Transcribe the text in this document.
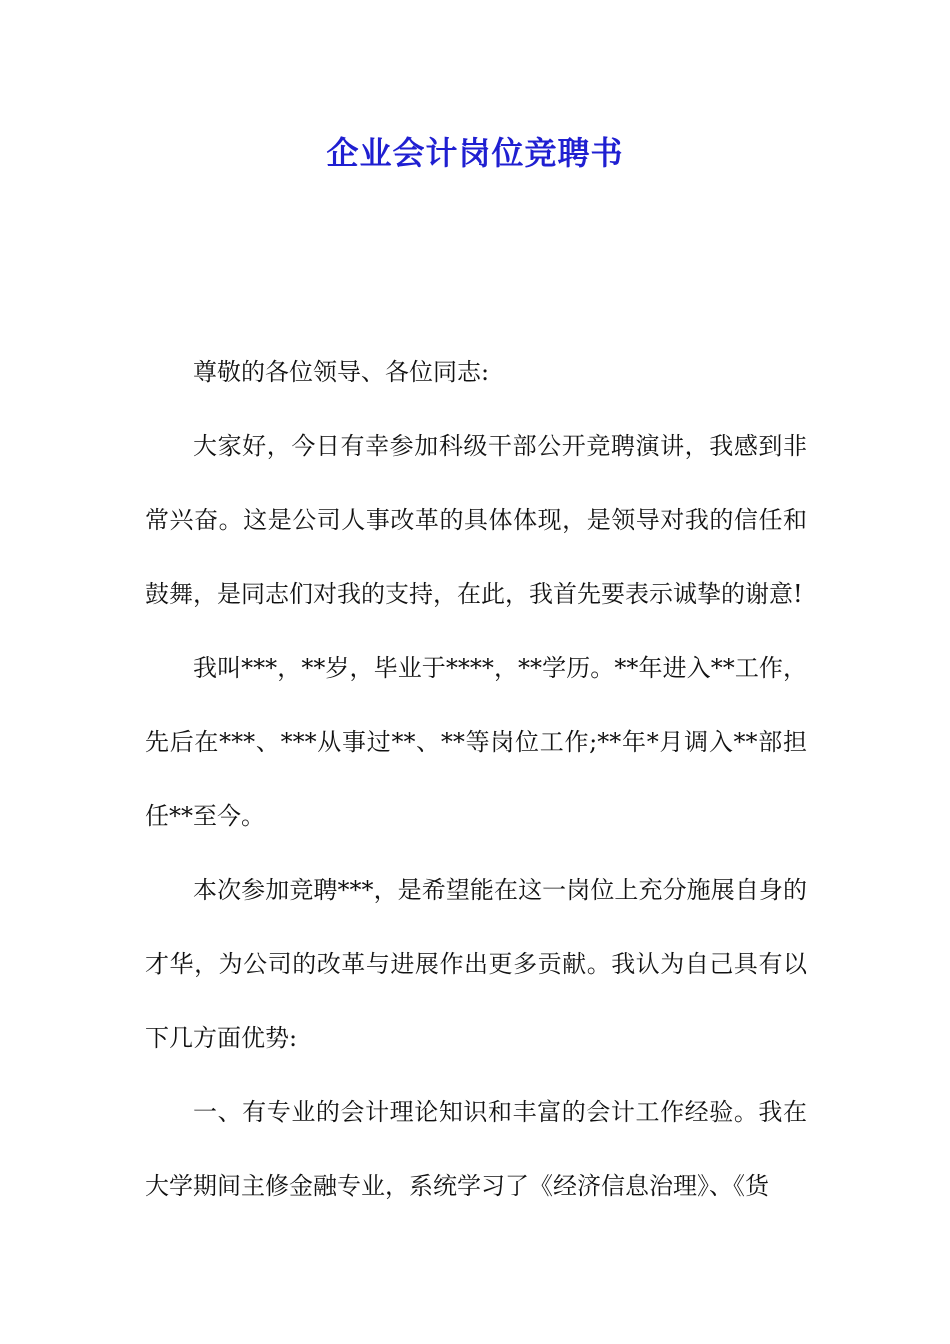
企业会计岗位竞聘书

尊敬的各位领导、各位同志:

大家好，今日有幸参加科级干部公开竞聘演讲，我感到非常兴奋。这是公司人事改革的具体体现，是领导对我的信任和鼓舞，是同志们对我的支持，在此，我首先要表示诚挚的谢意!

我叫***，**岁，毕业于****，**学历。**年进入**工作，先后在***、***从事过**、**等岗位工作;**年*月调入**部担任**至今。

本次参加竞聘***，是希望能在这一岗位上充分施展自身的才华，为公司的改革与进展作出更多贡献。我认为自己具有以下几方面优势:

一、有专业的会计理论知识和丰富的会计工作经验。我在大学期间主修金融专业，系统学习了《经济信息治理》、《货
